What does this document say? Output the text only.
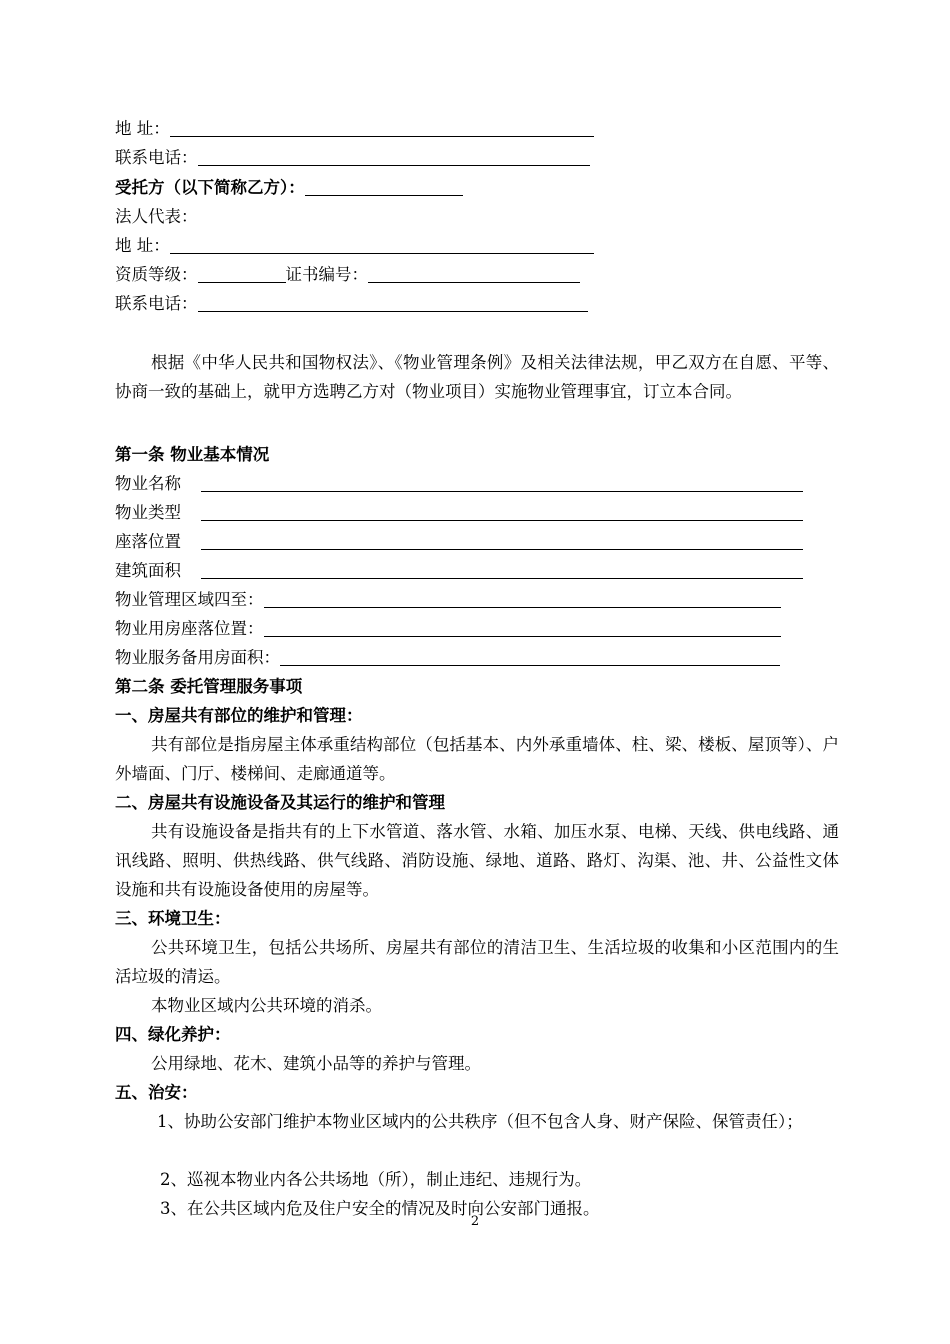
地 址：
联系电话：
受托方（以下简称乙方）：
法人代表：
地 址：
资质等级：	证书编号：
联系电话：
根据《中华人民共和国物权法》、《物业管理条例》及相关法律法规，甲乙双方在自愿、平等、协商一致的基础上，就甲方选聘乙方对（物业项目）实施物业管理事宜，订立本合同。
第一条 物业基本情况
物业名称
物业类型
座落位置
建筑面积
物业管理区域四至：
物业用房座落位置：
物业服务备用房面积：
第二条 委托管理服务事项
一、房屋共有部位的维护和管理：
共有部位是指房屋主体承重结构部位（包括基本、内外承重墙体、柱、梁、楼板、屋顶等）、户外墙面、门厅、楼梯间、走廊通道等。
二、房屋共有设施设备及其运行的维护和管理
共有设施设备是指共有的上下水管道、落水管、水箱、加压水泵、电梯、天线、供电线路、通讯线路、照明、供热线路、供气线路、消防设施、绿地、道路、路灯、沟渠、池、井、公益性文体设施和共有设施设备使用的房屋等。
三、环境卫生：
公共环境卫生，包括公共场所、房屋共有部位的清洁卫生、生活垃圾的收集和小区范围内的生活垃圾的清运。
本物业区域内公共环境的消杀。
四、绿化养护：
公用绿地、花木、建筑小品等的养护与管理。
五、治安：
1、协助公安部门维护本物业区域内的公共秩序（但不包含人身、财产保险、保管责任）；
2、巡视本物业内各公共场地（所），制止违纪、违规行为。
3、在公共区域内危及住户安全的情况及时向公安部门通报。
2
